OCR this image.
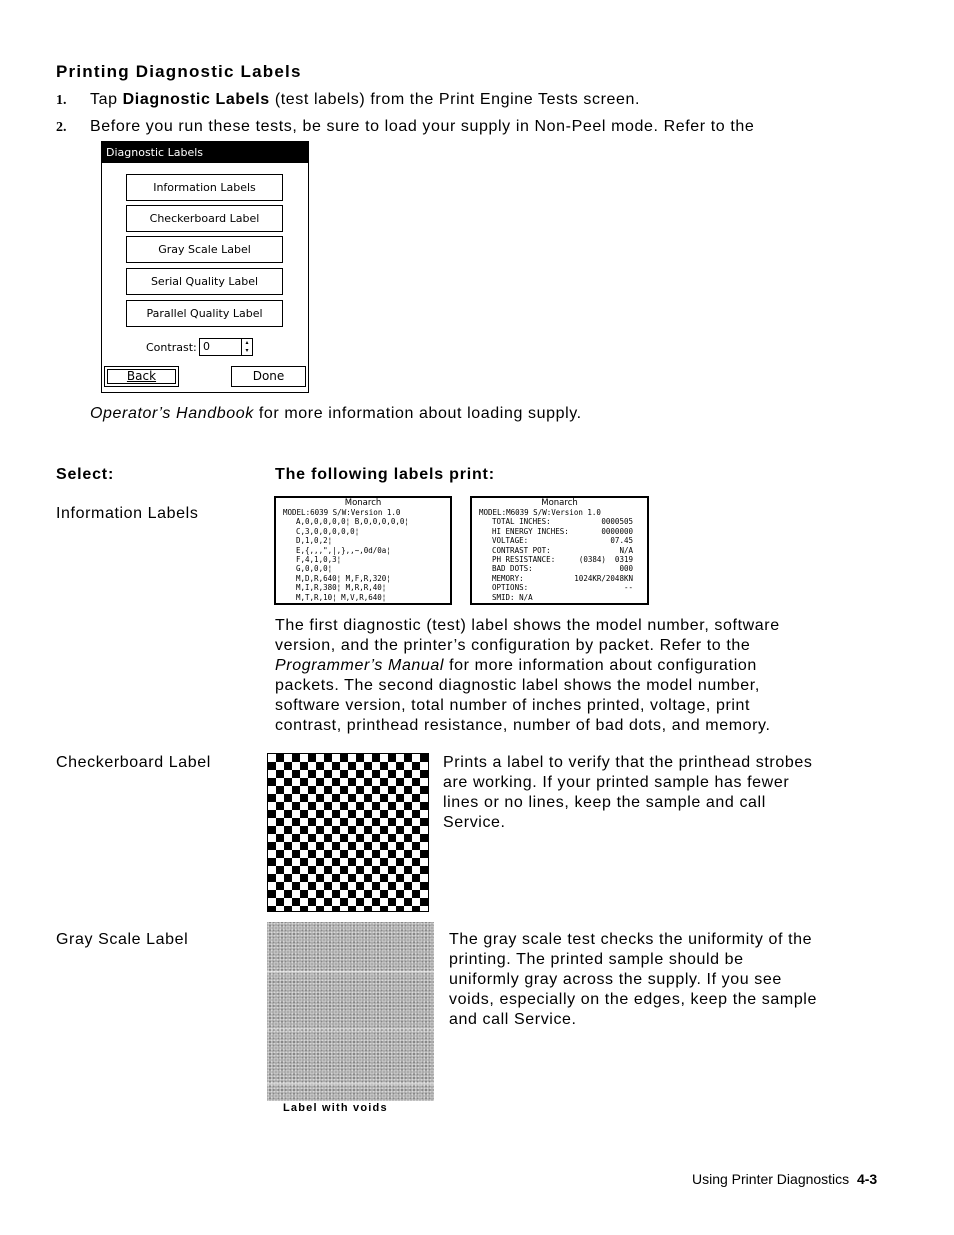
Printing Diagnostic Labels
1. Tap Diagnostic Labels (test labels) from the Print Engine Tests screen.
2. Before you run these tests, be sure to load your supply in Non-Peel mode. Refer to the
Diagnostic Labels
Information Labels
Checkerboard Label
Gray Scale Label
Serial Quality Label
Parallel Quality Label
Contrast: 0	▴
▾
Back	Done
Operator’s Handbook for more information about loading supply.
Select:	The following labels print:
Information Labels
Monarch
MODEL:6039 S/W:Version 1.0
A,0,0,0,0,0¦ B,0,0,0,0,0¦
C,3,0,0,0,0,0¦
D,1,0,2¦
E,{,,,",|,},,~,0d/0a¦
F,4,1,0,3¦
G,0,0,0¦
M,D,R,640¦ M,F,R,320¦
M,I,R,380¦ M,R,R,40¦
M,T,R,10¦ M,V,R,640¦
Monarch
MODEL:M6039 S/W:Version 1.0
TOTAL INCHES:	0000505
HI ENERGY INCHES:	0000000
VOLTAGE:	07.45
CONTRAST POT:	N/A
PH RESISTANCE:	(0384)  0319
BAD DOTS:	000
MEMORY:	1024KR/2048KN
OPTIONS:	--
SMID: N/A
The first diagnostic (test) label shows the model number, software
version, and the printer’s configuration by packet. Refer to the
Programmer’s Manual for more information about configuration
packets. The second diagnostic label shows the model number,
software version, total number of inches printed, voltage, print
contrast, printhead resistance, number of bad dots, and memory.
Checkerboard Label	Prints a label to verify that the printhead strobes
are working. If your printed sample has fewer
lines or no lines, keep the sample and call
Service.
Gray Scale Label
Label with voids
The gray scale test checks the uniformity of the
printing. The printed sample should be
uniformly gray across the supply. If you see
voids, especially on the edges, keep the sample
and call Service.
Using Printer Diagnostics 4-3
